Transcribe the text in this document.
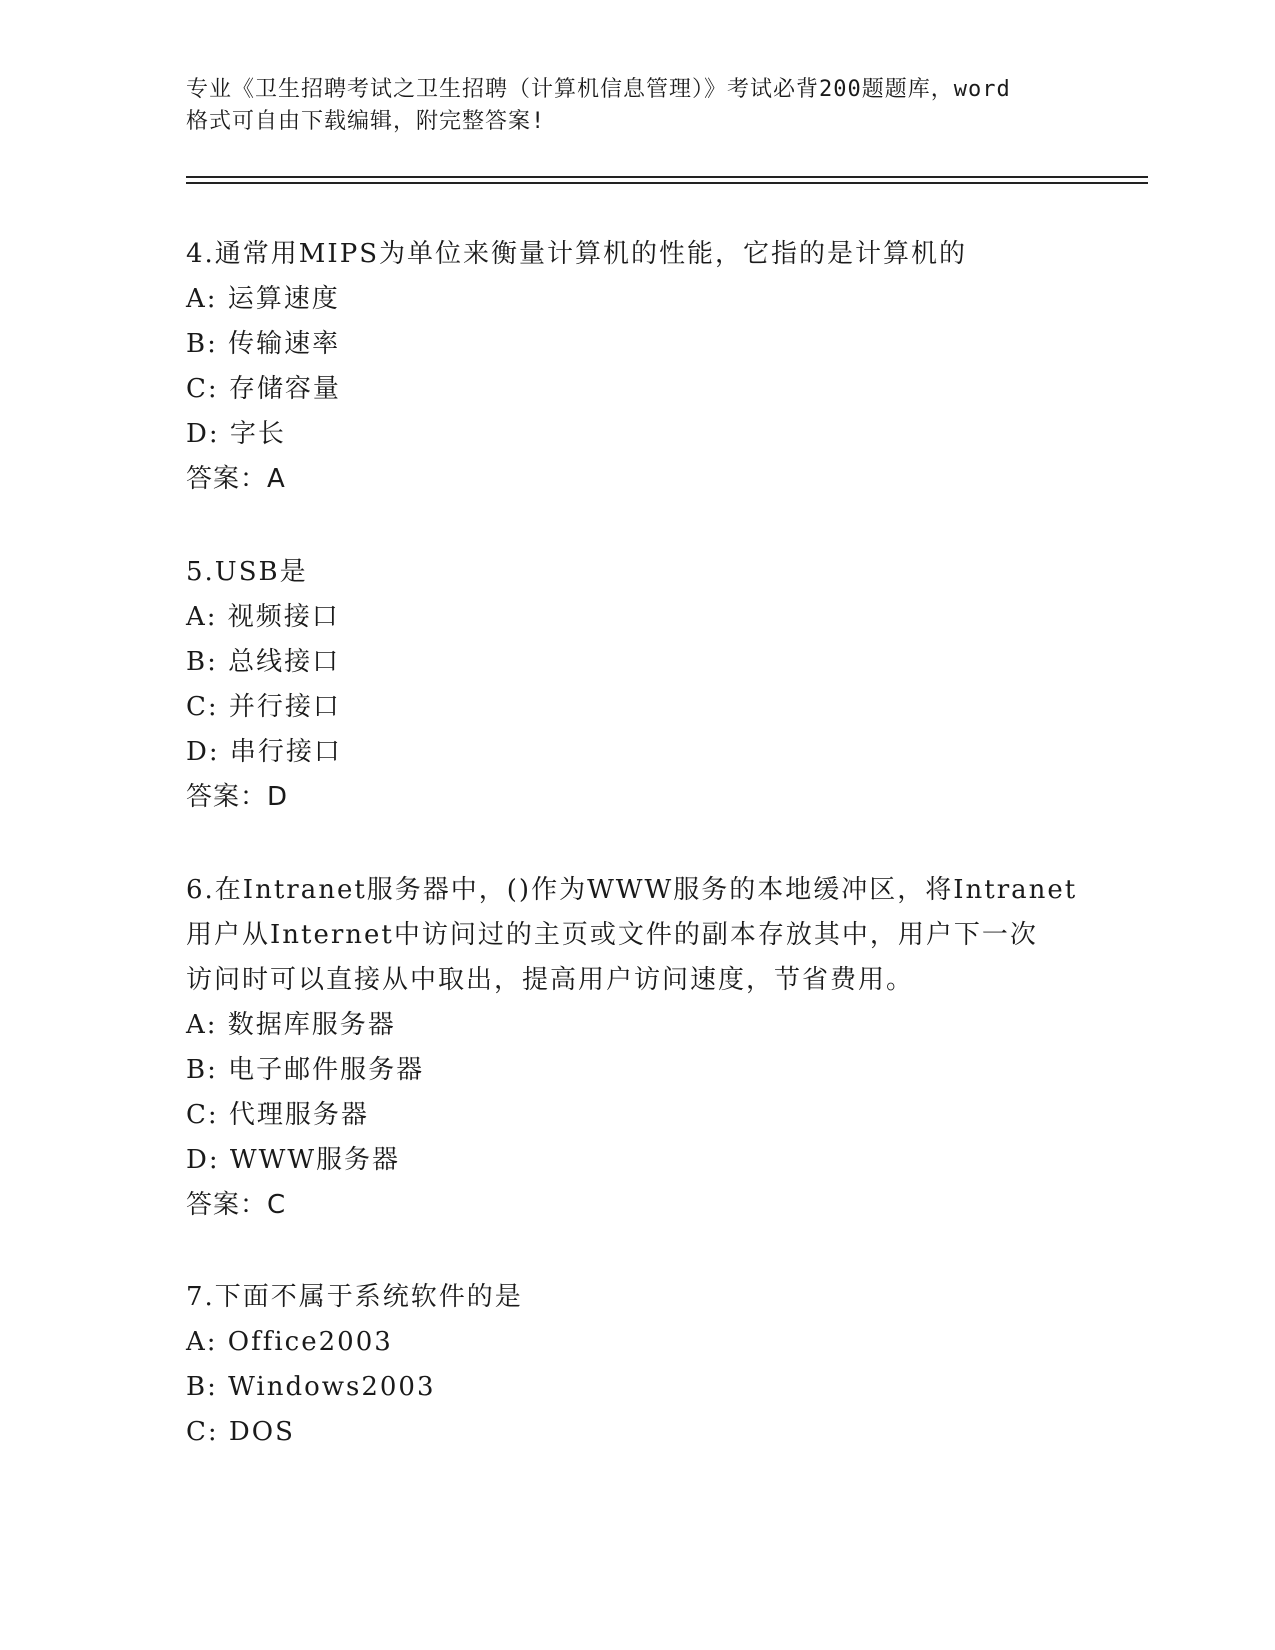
专业《卫生招聘考试之卫生招聘（计算机信息管理）》考试必背200题题库，word
格式可自由下载编辑，附完整答案!

4.通常用MIPS为单位来衡量计算机的性能，它指的是计算机的

A: 运算速度

B: 传输速率

C: 存储容量

D: 字长

答案：A

5.USB是

A: 视频接口

B: 总线接口

C: 并行接口

D: 串行接口

答案：D

6.在Intranet服务器中，()作为WWW服务的本地缓冲区，将Intranet

用户从Internet中访问过的主页或文件的副本存放其中，用户下一次

访问时可以直接从中取出，提高用户访问速度，节省费用。

A: 数据库服务器

B: 电子邮件服务器

C: 代理服务器

D: WWW服务器

答案：C

7.下面不属于系统软件的是

A: Office2003

B: Windows2003

C: DOS
